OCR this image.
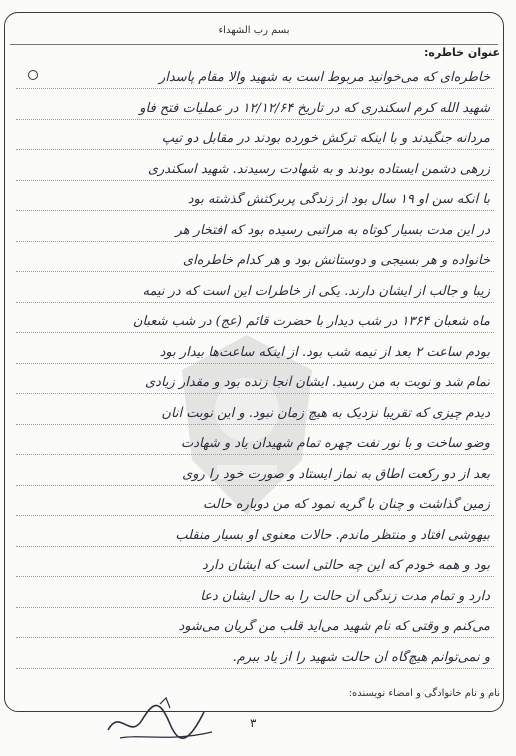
بسم رب الشهداء
عنوان خاطره:
خاطره‌ای که می‌خوانید مربوط است به شهید والا مقام پاسدار
شهید الله کرم اسکندری که در تاریخ ۱۲/۱۲/۶۴ در عملیات فتح فاو
مردانه جنگیدند و با اینکه ترکش خورده بودند در مقابل دو تیپ
زرهی دشمن ایستاده بودند و به شهادت رسیدند. شهید اسکندری
با آنکه سن او ۱۹ سال بود از زندگی پربرکتش گذشته بود
در این مدت بسیار کوتاه به مراتبی رسیده بود که افتخار هر
خانواده و هر بسیجی و دوستانش بود و هر کدام خاطره‌ای
زیبا و جالب از ایشان دارند. یکی از خاطرات این است که در نیمه
ماه شعبان ۱۳۶۴ در شب دیدار با حضرت قائم (عج) در شب شعبان
بودم ساعت ۲ بعد از نیمه شب بود. از اینکه ساعت‌ها بیدار بود
تمام شد و نوبت به من رسید. ایشان آنجا زنده بود و مقدار زیادی
دیدم چیزی که تقریبا نزدیک به هیچ زمان نبود. و این نوبت آنان
وضو ساخت و با نور نفت چهره تمام شهیدان یاد و شهادت
بعد از دو رکعت اطاق به نماز ایستاد و صورت خود را روی
زمین گذاشت و چنان با گریه نمود که من دوباره حالت
بیهوشی افتاد و منتظر ماندم. حالات معنوی او بسیار منقلب
بود و همه خودم که این چه حالتی است که ایشان دارد
دارد و تمام مدت زندگی آن حالت را به حال ایشان دعا
می‌کنم و وقتی که نام شهید می‌آید قلب من گریان می‌شود
و نمی‌توانم هیچ‌گاه آن حالت شهید را از یاد ببرم.
نام و نام خانوادگی و امضاء نویسنده:
۳
